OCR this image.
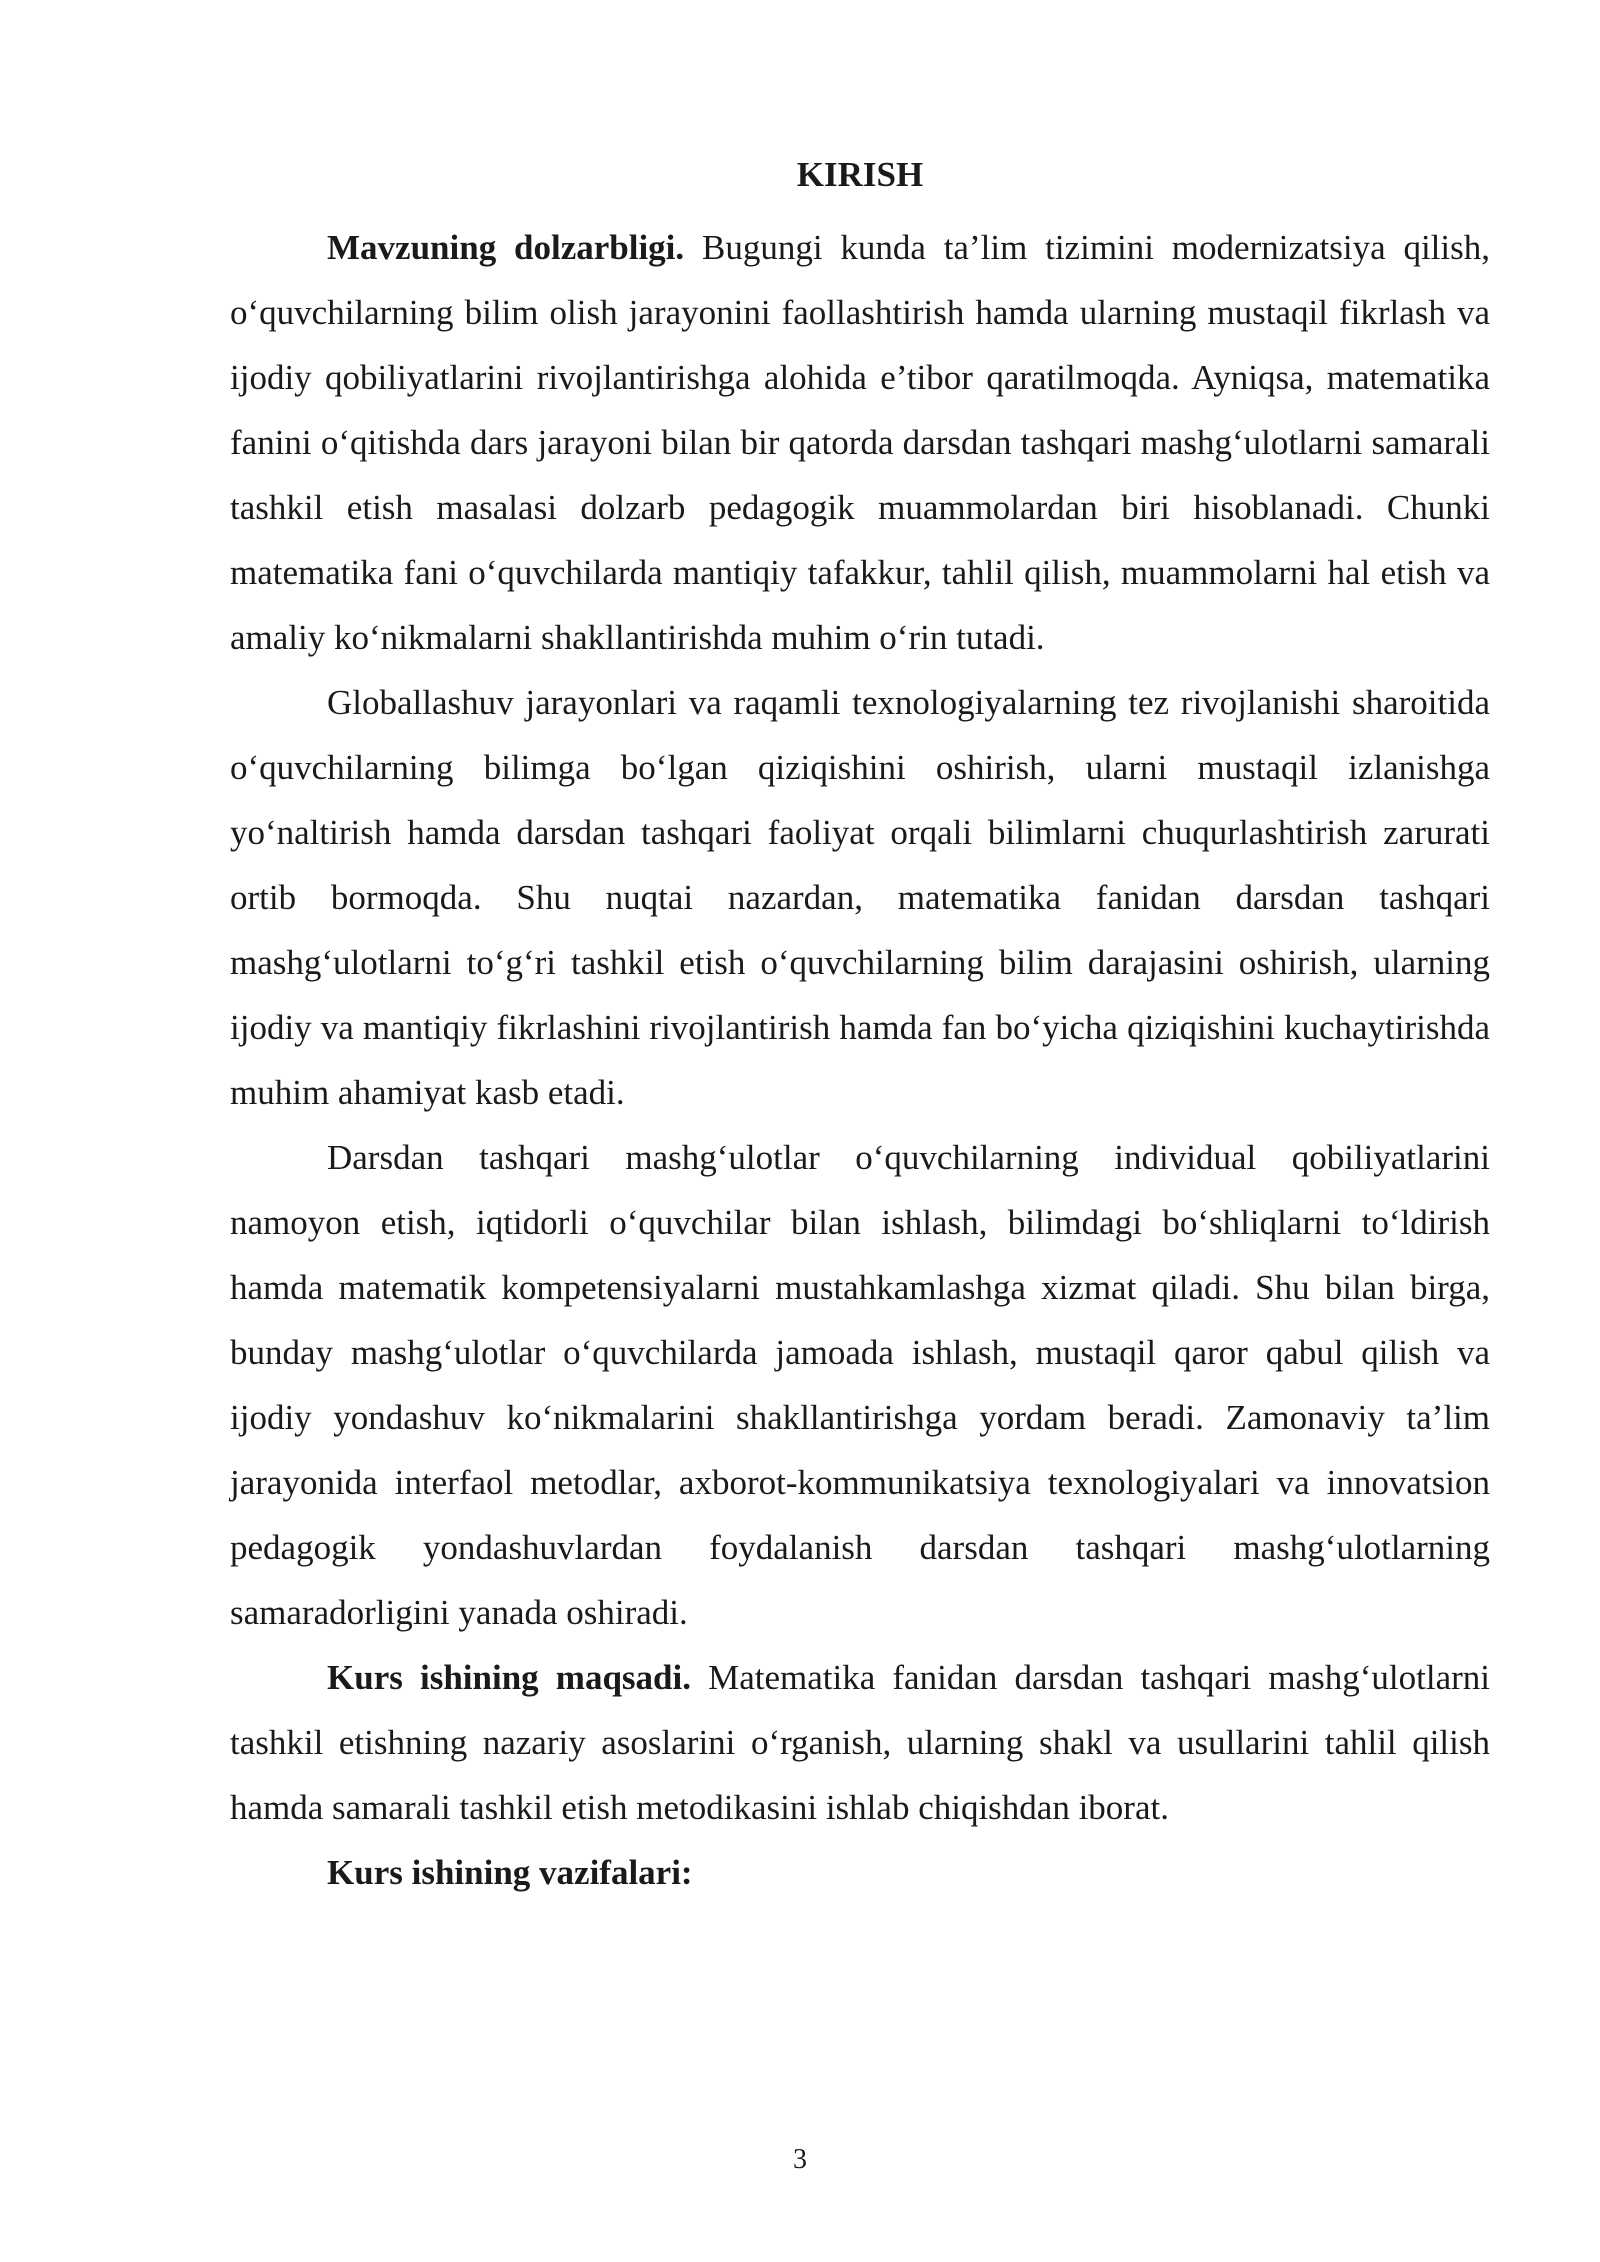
KIRISH

Mavzuning dolzarbligi. Bugungi kunda ta’lim tizimini modernizatsiya qilish, o‘quvchilarning bilim olish jarayonini faollashtirish hamda ularning mustaqil fikrlash va ijodiy qobiliyatlarini rivojlantirishga alohida e’tibor qaratilmoqda. Ayniqsa, matematika fanini o‘qitishda dars jarayoni bilan bir qatorda darsdan tashqari mashg‘ulotlarni samarali tashkil etish masalasi dolzarb pedagogik muammolardan biri hisoblanadi. Chunki matematika fani o‘quvchilarda mantiqiy tafakkur, tahlil qilish, muammolarni hal etish va amaliy ko‘nikmalarni shakllantirishda muhim o‘rin tutadi.

Globallashuv jarayonlari va raqamli texnologiyalarning tez rivojlanishi sharoitida o‘quvchilarning bilimga bo‘lgan qiziqishini oshirish, ularni mustaqil izlanishga yo‘naltirish hamda darsdan tashqari faoliyat orqali bilimlarni chuqurlashtirish zarurati ortib bormoqda. Shu nuqtai nazardan, matematika fanidan darsdan tashqari mashg‘ulotlarni to‘g‘ri tashkil etish o‘quvchilarning bilim darajasini oshirish, ularning ijodiy va mantiqiy fikrlashini rivojlantirish hamda fan bo‘yicha qiziqishini kuchaytirishda muhim ahamiyat kasb etadi.

Darsdan tashqari mashg‘ulotlar o‘quvchilarning individual qobiliyatlarini namoyon etish, iqtidorli o‘quvchilar bilan ishlash, bilimdagi bo‘shliqlarni to‘ldirish hamda matematik kompetensiyalarni mustahkamlashga xizmat qiladi. Shu bilan birga, bunday mashg‘ulotlar o‘quvchilarda jamoada ishlash, mustaqil qaror qabul qilish va ijodiy yondashuv ko‘nikmalarini shakllantirishga yordam beradi. Zamonaviy ta’lim jarayonida interfaol metodlar, axborot-kommunikatsiya texnologiyalari va innovatsion pedagogik yondashuvlardan foydalanish darsdan tashqari mashg‘ulotlarning samaradorligini yanada oshiradi.

Kurs ishining maqsadi. Matematika fanidan darsdan tashqari mashg‘ulotlarni tashkil etishning nazariy asoslarini o‘rganish, ularning shakl va usullarini tahlil qilish hamda samarali tashkil etish metodikasini ishlab chiqishdan iborat.

Kurs ishining vazifalari:

3
